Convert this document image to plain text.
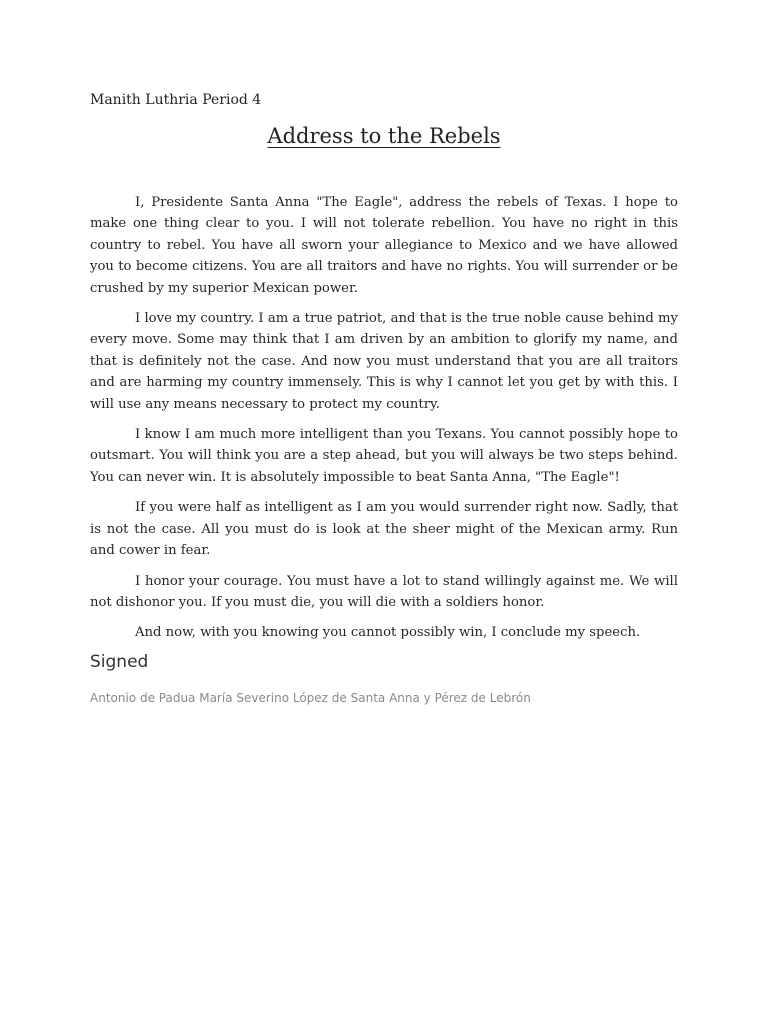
Manith Luthria Period 4
Address to the Rebels

I, Presidente Santa Anna "The Eagle", address the rebels of Texas. I hope to make one thing clear to you. I will not tolerate rebellion. You have no right in this country to rebel. You have all sworn your allegiance to Mexico and we have allowed you to become citizens. You are all traitors and have no rights. You will surrender or be crushed by my superior Mexican power.

I love my country. I am a true patriot, and that is the true noble cause behind my every move. Some may think that I am driven by an ambition to glorify my name, and that is definitely not the case. And now you must understand that you are all traitors and are harming my country immensely. This is why I cannot let you get by with this. I will use any means necessary to protect my country.

I know I am much more intelligent than you Texans. You cannot possibly hope to outsmart. You will think you are a step ahead, but you will always be two steps behind. You can never win. It is absolutely impossible to beat Santa Anna, "The Eagle"!

If you were half as intelligent as I am you would surrender right now. Sadly, that is not the case. All you must do is look at the sheer might of the Mexican army. Run and cower in fear.

I honor your courage. You must have a lot to stand willingly against me. We will not dishonor you. If you must die, you will die with a soldiers honor.

And now, with you knowing you cannot possibly win, I conclude my speech.

Signed
Antonio de Padua María Severino López de Santa Anna y Pérez de Lebrón
